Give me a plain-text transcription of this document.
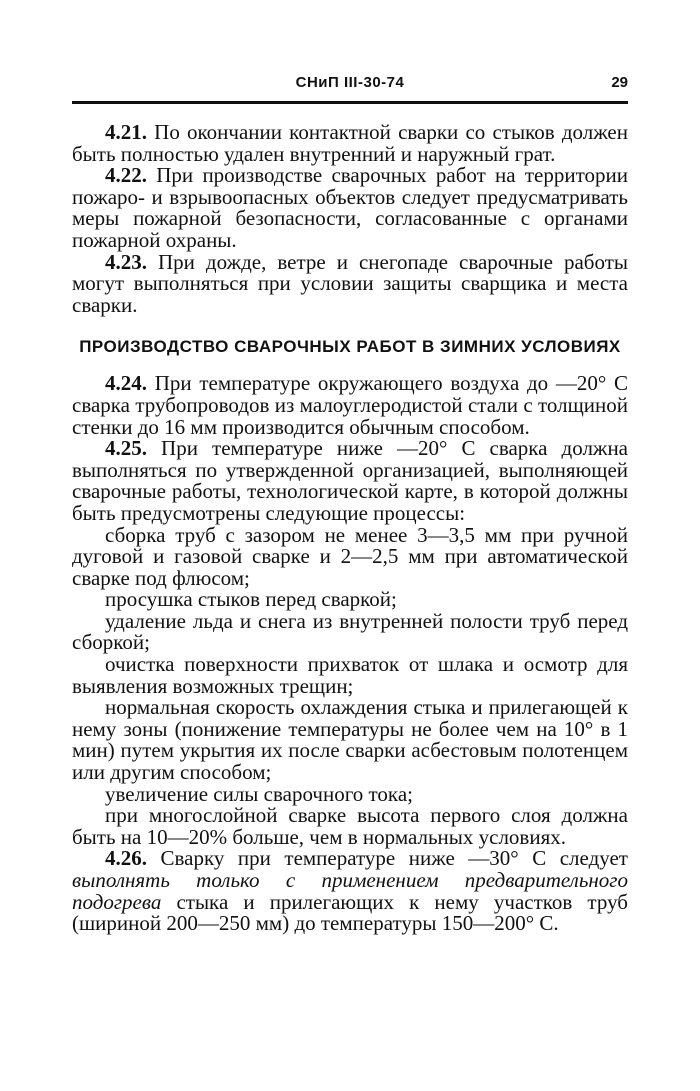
СНиП III-30-74	29

4.21. По окончании контактной сварки со стыков должен быть полностью удален внутренний и наружный грат.

4.22. При производстве сварочных работ на территории пожаро- и взрывоопасных объектов следует предусматривать меры пожарной безопасности, согласованные с органами пожарной охраны.

4.23. При дожде, ветре и снегопаде сварочные работы могут выполняться при условии защиты сварщика и места сварки.

ПРОИЗВОДСТВО СВАРОЧНЫХ РАБОТ В ЗИМНИХ УСЛОВИЯХ

4.24. При температуре окружающего воздуха до —20° С сварка трубопроводов из малоуглеродистой стали с толщиной стенки до 16 мм производится обычным способом.

4.25. При температуре ниже —20° С сварка должна выполняться по утвержденной организацией, выполняющей сварочные работы, технологической карте, в которой должны быть предусмотрены следующие процессы:

сборка труб с зазором не менее 3—3,5 мм при ручной дуговой и газовой сварке и 2—2,5 мм при автоматической сварке под флюсом;

просушка стыков перед сваркой;

удаление льда и снега из внутренней полости труб перед сборкой;

очистка поверхности прихваток от шлака и осмотр для выявления возможных трещин;

нормальная скорость охлаждения стыка и прилегающей к нему зоны (понижение температуры не более чем на 10° в 1 мин) путем укрытия их после сварки асбестовым полотенцем или другим способом;

увеличение силы сварочного тока;

при многослойной сварке высота первого слоя должна быть на 10—20% больше, чем в нормальных условиях.

4.26. Сварку при температуре ниже —30° С следует выполнять только с применением предварительного подогрева стыка и прилегающих к нему участков труб (шириной 200—250 мм) до температуры 150—200° С.
